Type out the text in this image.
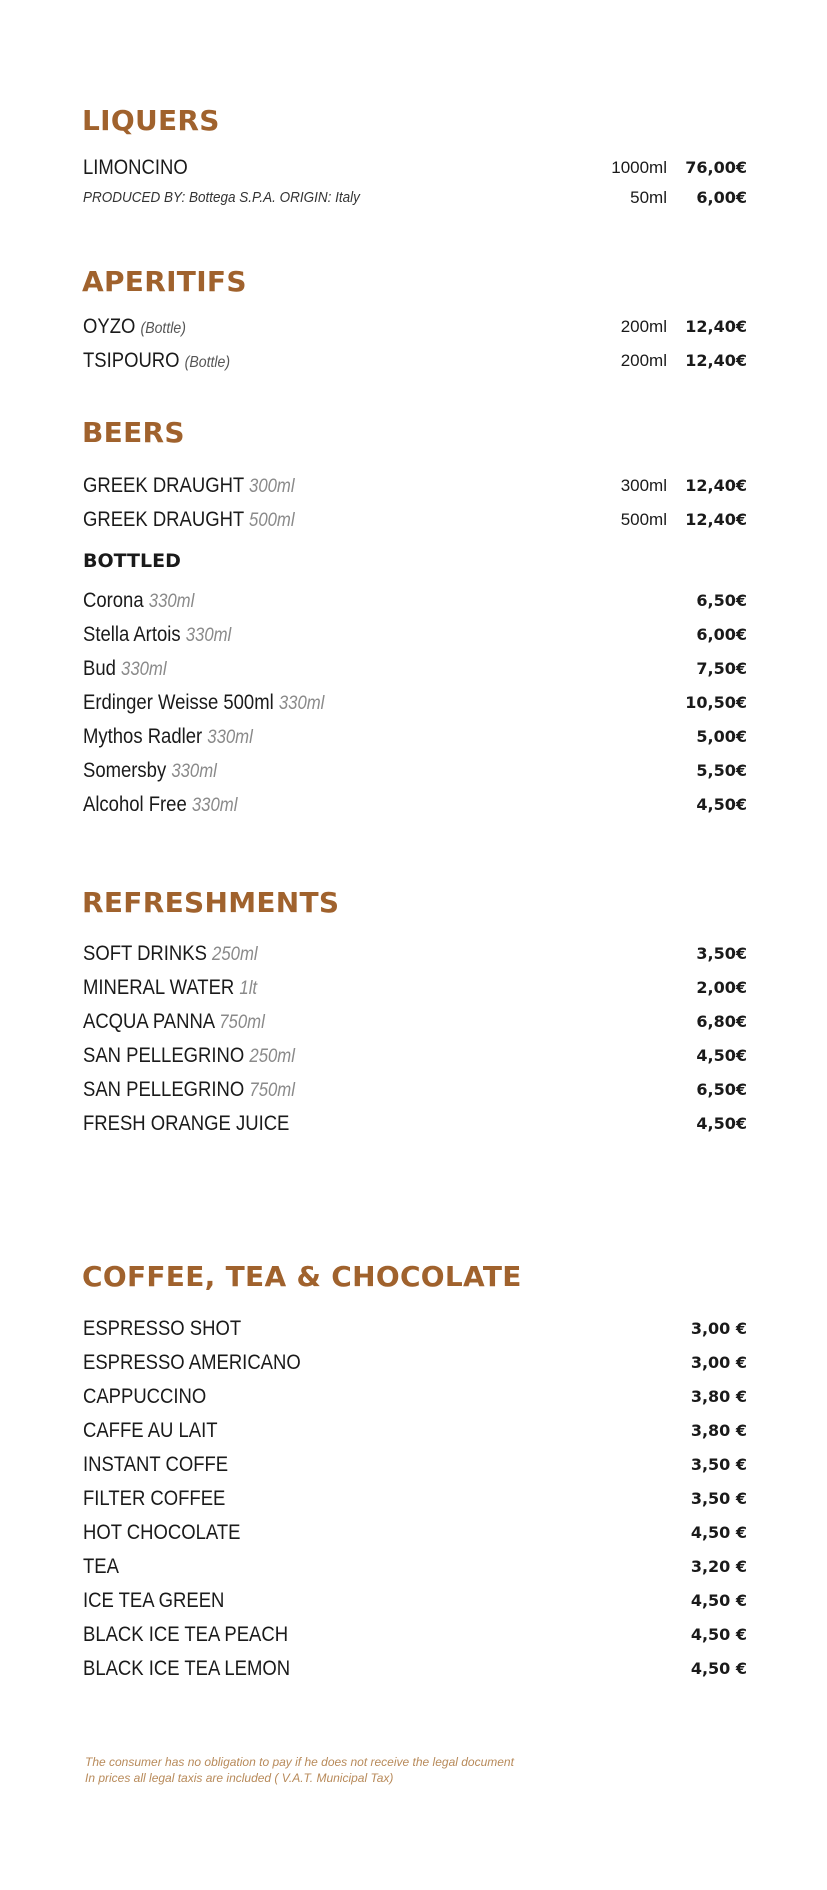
LIQUERS
LIMONCINO	1000ml 76,00€
PRODUCED BY: Bottega S.P.A. ORIGIN: Italy	50ml 6,00€
APERITIFS
OYZO (Bottle)	200ml 12,40€
TSIPOURO (Bottle)	200ml 12,40€
BEERS
GREEK DRAUGHT 300ml	300ml 12,40€
GREEK DRAUGHT 500ml	500ml 12,40€
BOTTLED
Corona 330ml	6,50€
Stella Artois 330ml	6,00€
Bud 330ml	7,50€
Erdinger Weisse 500ml 330ml	10,50€
Mythos Radler 330ml	5,00€
Somersby 330ml	5,50€
Alcohol Free 330ml	4,50€
REFRESHMENTS
SOFT DRINKS 250ml	3,50€
MINERAL WATER 1lt	2,00€
ACQUA PANNA 750ml	6,80€
SAN PELLEGRINO 250ml	4,50€
SAN PELLEGRINO 750ml	6,50€
FRESH ORANGE JUICE	4,50€
COFFEE, TEA & CHOCOLATE
ESPRESSO SHOT	3,00 €
ESPRESSO AMERICANO	3,00 €
CAPPUCCINO	3,80 €
CAFFE AU LAIT	3,80 €
INSTANT COFFE	3,50 €
FILTER COFFEE	3,50 €
HOT CHOCOLATE	4,50 €
TEA	3,20 €
ICE TEA GREEN	4,50 €
BLACK ICE TEA PEACH	4,50 €
BLACK ICE TEA LEMON	4,50 €
The consumer has no obligation to pay if he does not receive the legal document
In prices all legal taxis are included ( V.A.T. Municipal Tax)
